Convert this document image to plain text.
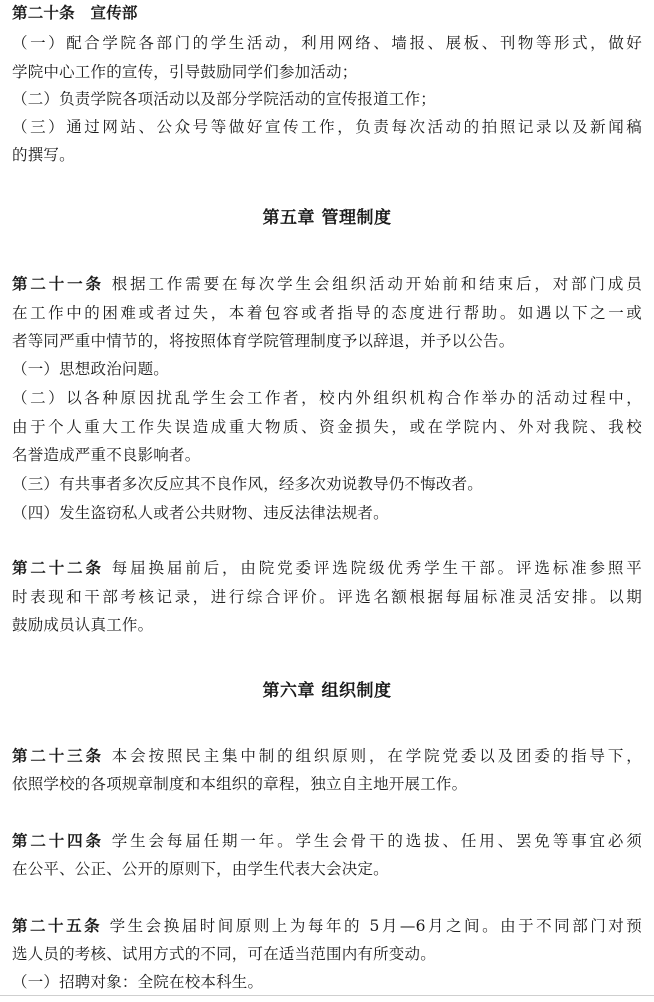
第二十条　宣传部
（一）配合学院各部门的学生活动，利用网络、墙报、展板、刊物等形式，做好
学院中心工作的宣传，引导鼓励同学们参加活动；
（二）负责学院各项活动以及部分学院活动的宣传报道工作；
（三）通过网站、公众号等做好宣传工作，负责每次活动的拍照记录以及新闻稿
的撰写。
第五章 管理制度
第二十一条 根据工作需要在每次学生会组织活动开始前和结束后，对部门成员
在工作中的困难或者过失，本着包容或者指导的态度进行帮助。如遇以下之一或
者等同严重中情节的，将按照体育学院管理制度予以辞退，并予以公告。
（一）思想政治问题。
（二）以各种原因扰乱学生会工作者，校内外组织机构合作举办的活动过程中，
由于个人重大工作失误造成重大物质、资金损失，或在学院内、外对我院、我校
名誉造成严重不良影响者。
（三）有共事者多次反应其不良作风，经多次劝说教导仍不悔改者。
（四）发生盗窃私人或者公共财物、违反法律法规者。
第二十二条 每届换届前后，由院党委评选院级优秀学生干部。评选标准参照平
时表现和干部考核记录，进行综合评价。评选名额根据每届标准灵活安排。以期
鼓励成员认真工作。
第六章 组织制度
第二十三条 本会按照民主集中制的组织原则，在学院党委以及团委的指导下，
依照学校的各项规章制度和本组织的章程，独立自主地开展工作。
第二十四条 学生会每届任期一年。学生会骨干的选拔、任用、罢免等事宜必须
在公平、公正、公开的原则下，由学生代表大会决定。
第二十五条 学生会换届时间原则上为每年的 5月—6月之间。由于不同部门对预
选人员的考核、试用方式的不同，可在适当范围内有所变动。
（一）招聘对象：全院在校本科生。
